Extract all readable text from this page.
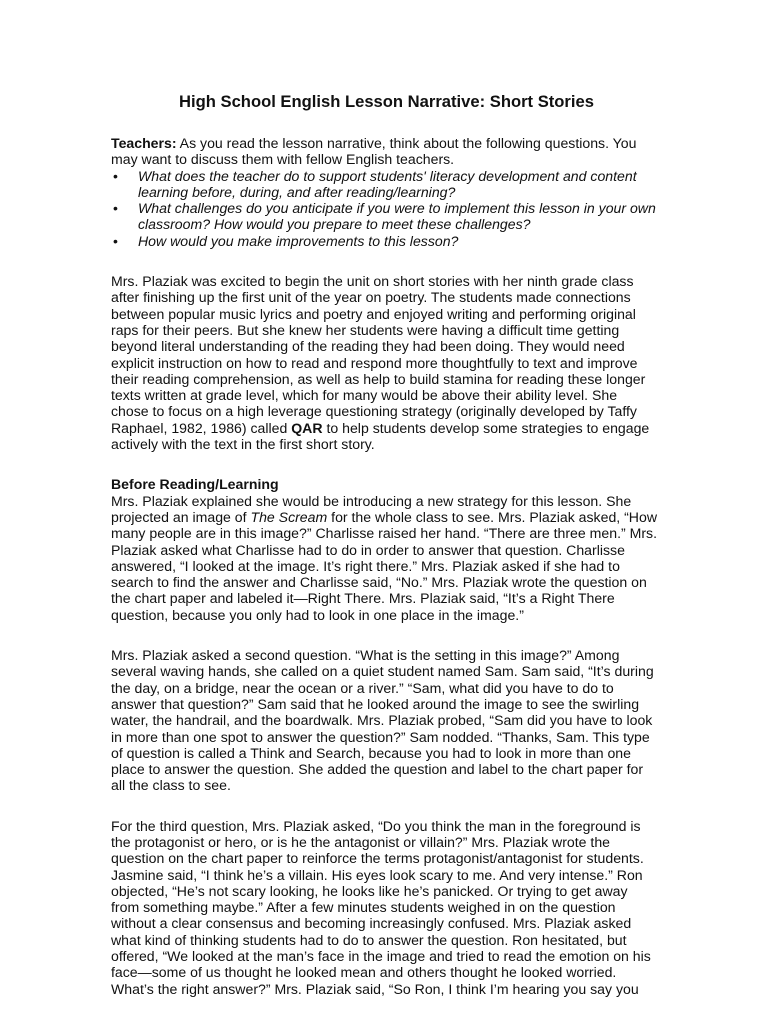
High School English Lesson Narrative: Short Stories

Teachers: As you read the lesson narrative, think about the following questions. You may want to discuss them with fellow English teachers.

• What does the teacher do to support students' literacy development and content learning before, during, and after reading/learning?
• What challenges do you anticipate if you were to implement this lesson in your own classroom? How would you prepare to meet these challenges?
• How would you make improvements to this lesson?

Mrs. Plaziak was excited to begin the unit on short stories with her ninth grade class after finishing up the first unit of the year on poetry. The students made connections between popular music lyrics and poetry and enjoyed writing and performing original raps for their peers. But she knew her students were having a difficult time getting beyond literal understanding of the reading they had been doing. They would need explicit instruction on how to read and respond more thoughtfully to text and improve their reading comprehension, as well as help to build stamina for reading these longer texts written at grade level, which for many would be above their ability level. She chose to focus on a high leverage questioning strategy (originally developed by Taffy Raphael, 1982, 1986) called QAR to help students develop some strategies to engage actively with the text in the first short story.

Before Reading/Learning

Mrs. Plaziak explained she would be introducing a new strategy for this lesson. She projected an image of The Scream for the whole class to see. Mrs. Plaziak asked, “How many people are in this image?” Charlisse raised her hand. “There are three men.” Mrs. Plaziak asked what Charlisse had to do in order to answer that question. Charlisse answered, “I looked at the image. It’s right there.” Mrs. Plaziak asked if she had to search to find the answer and Charlisse said, “No.” Mrs. Plaziak wrote the question on the chart paper and labeled it—Right There. Mrs. Plaziak said, “It’s a Right There question, because you only had to look in one place in the image.”

Mrs. Plaziak asked a second question. “What is the setting in this image?” Among several waving hands, she called on a quiet student named Sam. Sam said, “It’s during the day, on a bridge, near the ocean or a river.” “Sam, what did you have to do to answer that question?” Sam said that he looked around the image to see the swirling water, the handrail, and the boardwalk. Mrs. Plaziak probed, “Sam did you have to look in more than one spot to answer the question?” Sam nodded. “Thanks, Sam. This type of question is called a Think and Search, because you had to look in more than one place to answer the question. She added the question and label to the chart paper for all the class to see.

For the third question, Mrs. Plaziak asked, “Do you think the man in the foreground is the protagonist or hero, or is he the antagonist or villain?” Mrs. Plaziak wrote the question on the chart paper to reinforce the terms protagonist/antagonist for students. Jasmine said, “I think he’s a villain. His eyes look scary to me. And very intense.” Ron objected, “He’s not scary looking, he looks like he’s panicked. Or trying to get away from something maybe.” After a few minutes students weighed in on the question without a clear consensus and becoming increasingly confused. Mrs. Plaziak asked what kind of thinking students had to do to answer the question. Ron hesitated, but offered, “We looked at the man’s face in the image and tried to read the emotion on his face—some of us thought he looked mean and others thought he looked worried. What’s the right answer?” Mrs. Plaziak said, “So Ron, I think I’m hearing you say you
